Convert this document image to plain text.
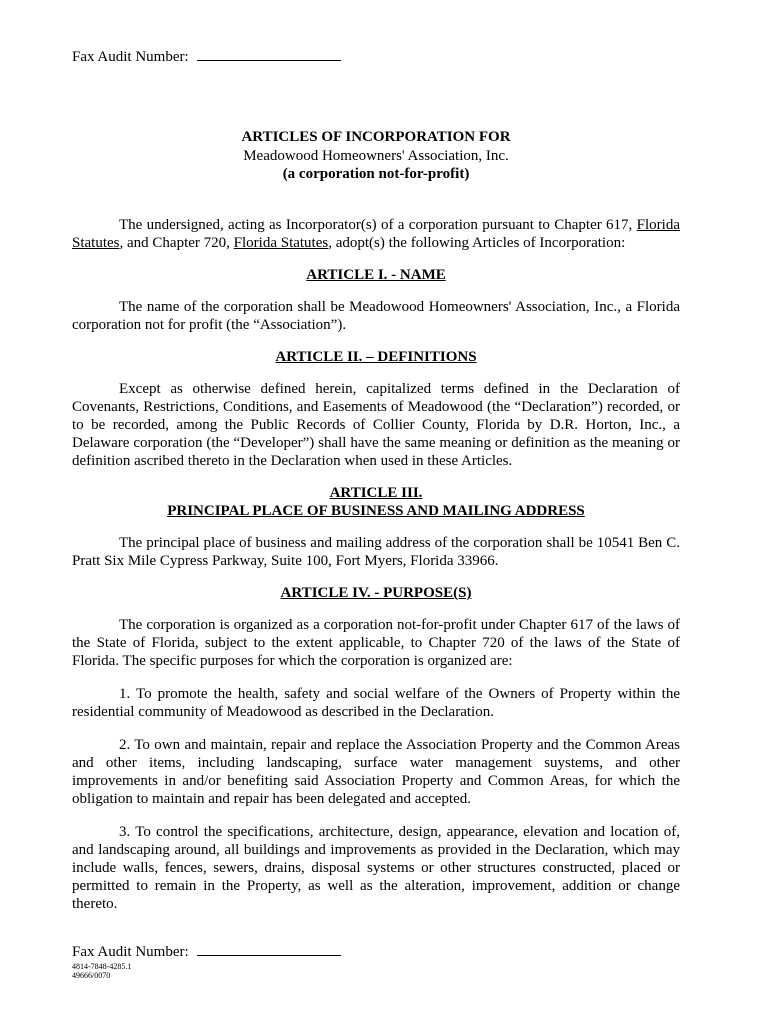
Fax Audit Number:
ARTICLES OF INCORPORATION FOR
Meadowood Homeowners' Association, Inc.
(a corporation not-for-profit)

The undersigned, acting as Incorporator(s) of a corporation pursuant to Chapter 617, Florida Statutes, and Chapter 720, Florida Statutes, adopt(s) the following Articles of Incorporation:

ARTICLE I. - NAME

The name of the corporation shall be Meadowood Homeowners' Association, Inc., a Florida corporation not for profit (the “Association”).

ARTICLE II. – DEFINITIONS

Except as otherwise defined herein, capitalized terms defined in the Declaration of Covenants, Restrictions, Conditions, and Easements of Meadowood (the “Declaration”) recorded, or to be recorded, among the Public Records of Collier County, Florida by D.R. Horton, Inc., a Delaware corporation (the “Developer”) shall have the same meaning or definition as the meaning or definition ascribed thereto in the Declaration when used in these Articles.

ARTICLE III.

PRINCIPAL PLACE OF BUSINESS AND MAILING ADDRESS

The principal place of business and mailing address of the corporation shall be 10541 Ben C. Pratt Six Mile Cypress Parkway, Suite 100, Fort Myers, Florida 33966.

ARTICLE IV. - PURPOSE(S)

The corporation is organized as a corporation not-for-profit under Chapter 617 of the laws of the State of Florida, subject to the extent applicable, to Chapter 720 of the laws of the State of Florida. The specific purposes for which the corporation is organized are:

1. To promote the health, safety and social welfare of the Owners of Property within the residential community of Meadowood as described in the Declaration.

2. To own and maintain, repair and replace the Association Property and the Common Areas and other items, including landscaping, surface water management suystems, and other improvements in and/or benefiting said Association Property and Common Areas, for which the obligation to maintain and repair has been delegated and accepted.

3. To control the specifications, architecture, design, appearance, elevation and location of, and landscaping around, all buildings and improvements as provided in the Declaration, which may include walls, fences, sewers, drains, disposal systems or other structures constructed, placed or permitted to remain in the Property, as well as the alteration, improvement, addition or change thereto.

Fax Audit Number:
4814-7848-4285.1
49666/0070
